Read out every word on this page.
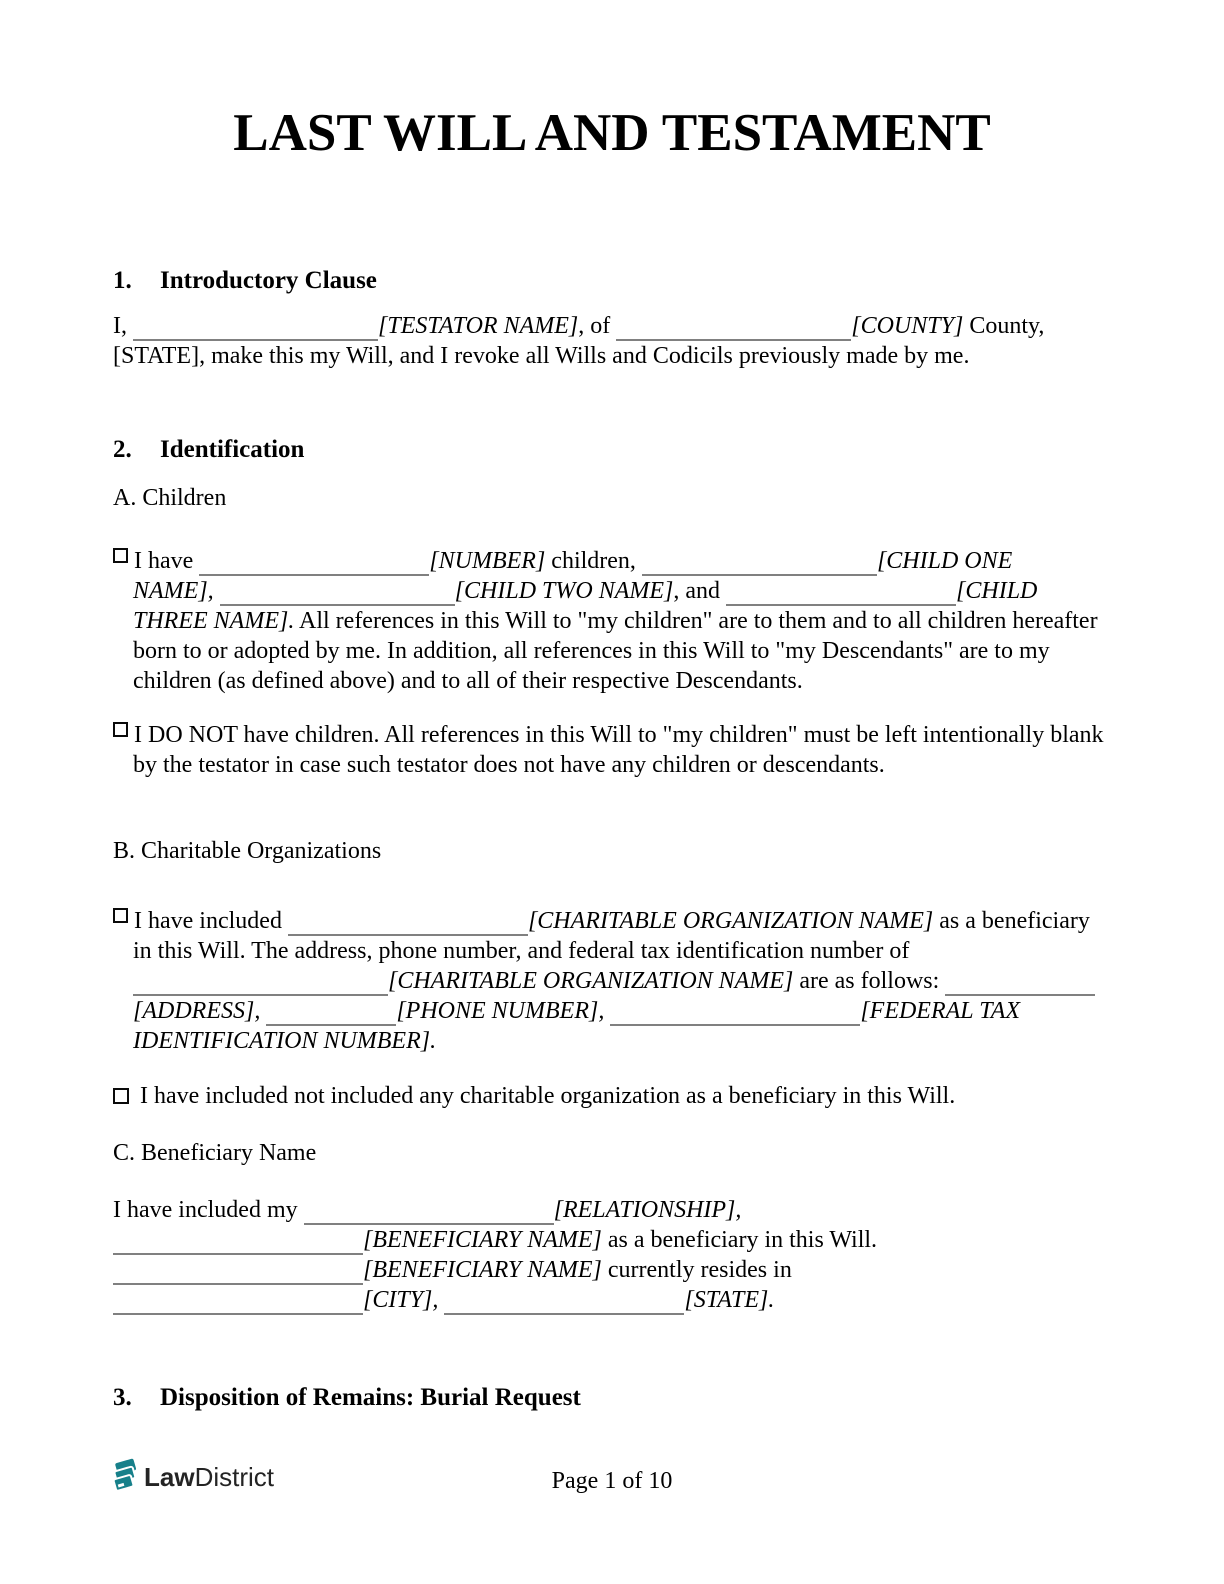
LAST WILL AND TESTAMENT
1. Introductory Clause
I,	[TESTATOR NAME], of	[COUNTY] County,
[STATE], make this my Will, and I revoke all Wills and Codicils previously made by me.
2. Identification
A. Children
I have	[NUMBER] children,	[CHILD ONE
NAME],	[CHILD TWO NAME], and	[CHILD
THREE NAME]. All references in this Will to "my children" are to them and to all children hereafter
born to or adopted by me. In addition, all references in this Will to "my Descendants" are to my
children (as defined above) and to all of their respective Descendants.
I DO NOT have children. All references in this Will to "my children" must be left intentionally blank
by the testator in case such testator does not have any children or descendants.
B. Charitable Organizations
I have included	[CHARITABLE ORGANIZATION NAME] as a beneficiary
in this Will. The address, phone number, and federal tax identification number of
[CHARITABLE ORGANIZATION NAME] are as follows:
[ADDRESS],	[PHONE NUMBER],	[FEDERAL TAX
IDENTIFICATION NUMBER].
I have included not included any charitable organization as a beneficiary in this Will.
C. Beneficiary Name
I have included my	[RELATIONSHIP],
[BENEFICIARY NAME] as a beneficiary in this Will.
[BENEFICIARY NAME] currently resides in
[CITY],	[STATE].
3. Disposition of Remains: Burial Request
LawDistrict	Page 1 of 10
